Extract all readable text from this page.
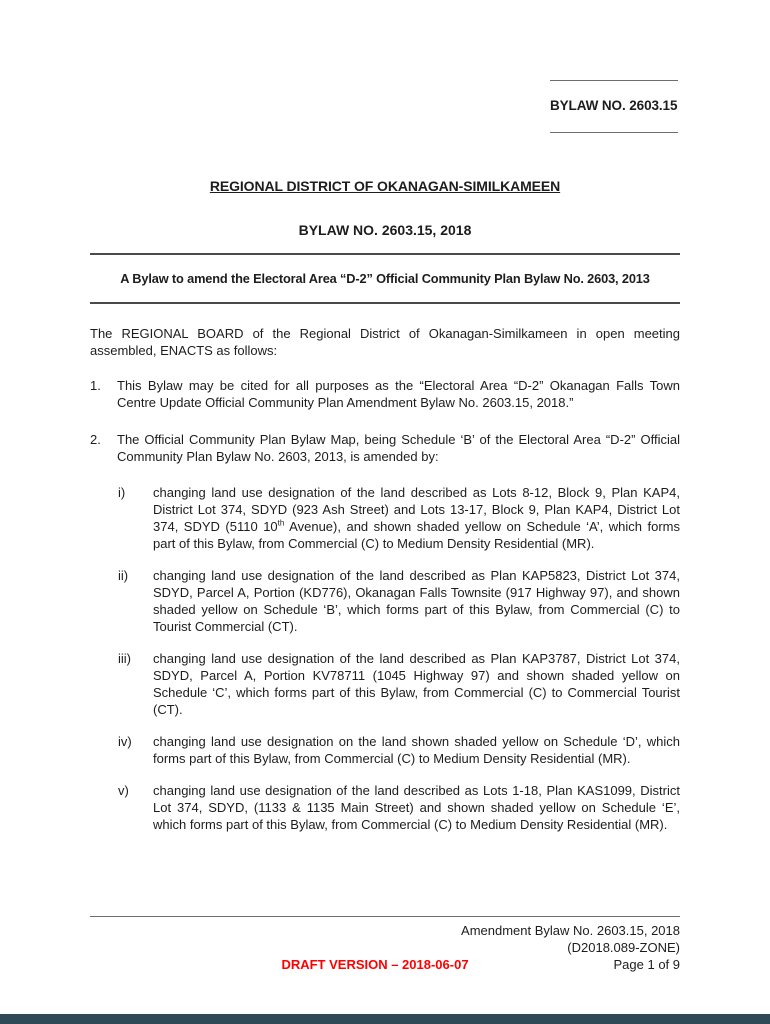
BYLAW NO. 2603.15
REGIONAL DISTRICT OF OKANAGAN-SIMILKAMEEN
BYLAW NO. 2603.15, 2018
A Bylaw to amend the Electoral Area “D-2” Official Community Plan Bylaw No. 2603, 2013

The REGIONAL BOARD of the Regional District of Okanagan-Similkameen in open meeting assembled, ENACTS as follows:

1.	This Bylaw may be cited for all purposes as the “Electoral Area “D-2” Okanagan Falls Town Centre Update Official Community Plan Amendment Bylaw No. 2603.15, 2018.”
2.	The Official Community Plan Bylaw Map, being Schedule ‘B’ of the Electoral Area “D-2” Official Community Plan Bylaw No. 2603, 2013, is amended by:
i)	changing land use designation of the land described as Lots 8-12, Block 9, Plan KAP4, District Lot 374, SDYD (923 Ash Street) and Lots 13-17, Block 9, Plan KAP4, District Lot 374, SDYD (5110 10th Avenue), and shown shaded yellow on Schedule ‘A’, which forms part of this Bylaw, from Commercial (C) to Medium Density Residential (MR).
ii)	changing land use designation of the land described as Plan KAP5823, District Lot 374, SDYD, Parcel A, Portion (KD776), Okanagan Falls Townsite (917 Highway 97), and shown shaded yellow on Schedule ‘B’, which forms part of this Bylaw, from Commercial (C) to Tourist Commercial (CT).
iii)	changing land use designation of the land described as Plan KAP3787, District Lot 374, SDYD, Parcel A, Portion KV78711 (1045 Highway 97) and shown shaded yellow on Schedule ‘C’, which forms part of this Bylaw, from Commercial (C) to Commercial Tourist (CT).
iv)	changing land use designation on the land shown shaded yellow on Schedule ‘D’, which forms part of this Bylaw, from Commercial (C) to Medium Density Residential (MR).
v)	changing land use designation of the land described as Lots 1-18, Plan KAS1099, District Lot 374, SDYD, (1133 & 1135 Main Street) and shown shaded yellow on Schedule ‘E’, which forms part of this Bylaw, from Commercial (C) to Medium Density Residential (MR).
Amendment Bylaw No. 2603.15, 2018
(D2018.089-ZONE)
DRAFT VERSION – 2018-06-07	Page 1 of 9
